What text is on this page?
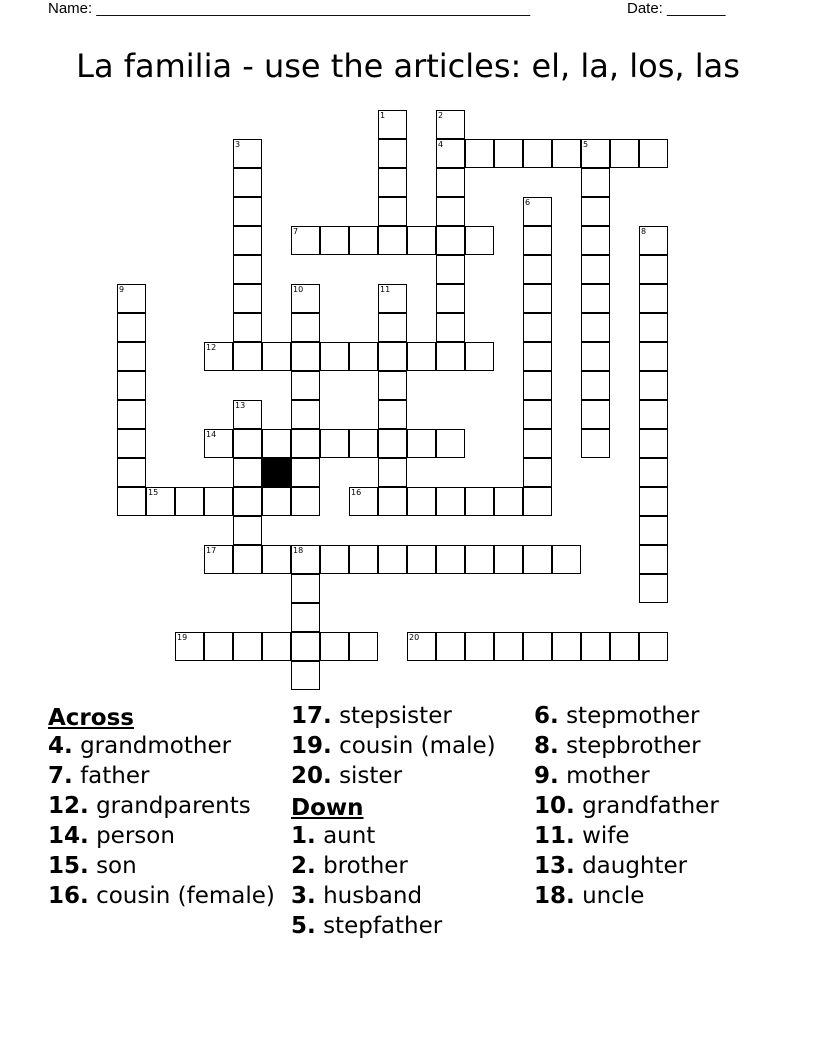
Name: ____________________________________________________	Date: _______
La familia - use the articles: el, la, los, las
1	2
4
3	5
6
7	8
9	10	11
12
13
14
15	16
17	18
19	20
Across
4. grandmother
7. father
12. grandparents
14. person
15. son
16. cousin (female)
17. stepsister
19. cousin (male)
20. sister
Down
1. aunt
2. brother
3. husband
5. stepfather
6. stepmother
8. stepbrother
9. mother
10. grandfather
11. wife
13. daughter
18. uncle
